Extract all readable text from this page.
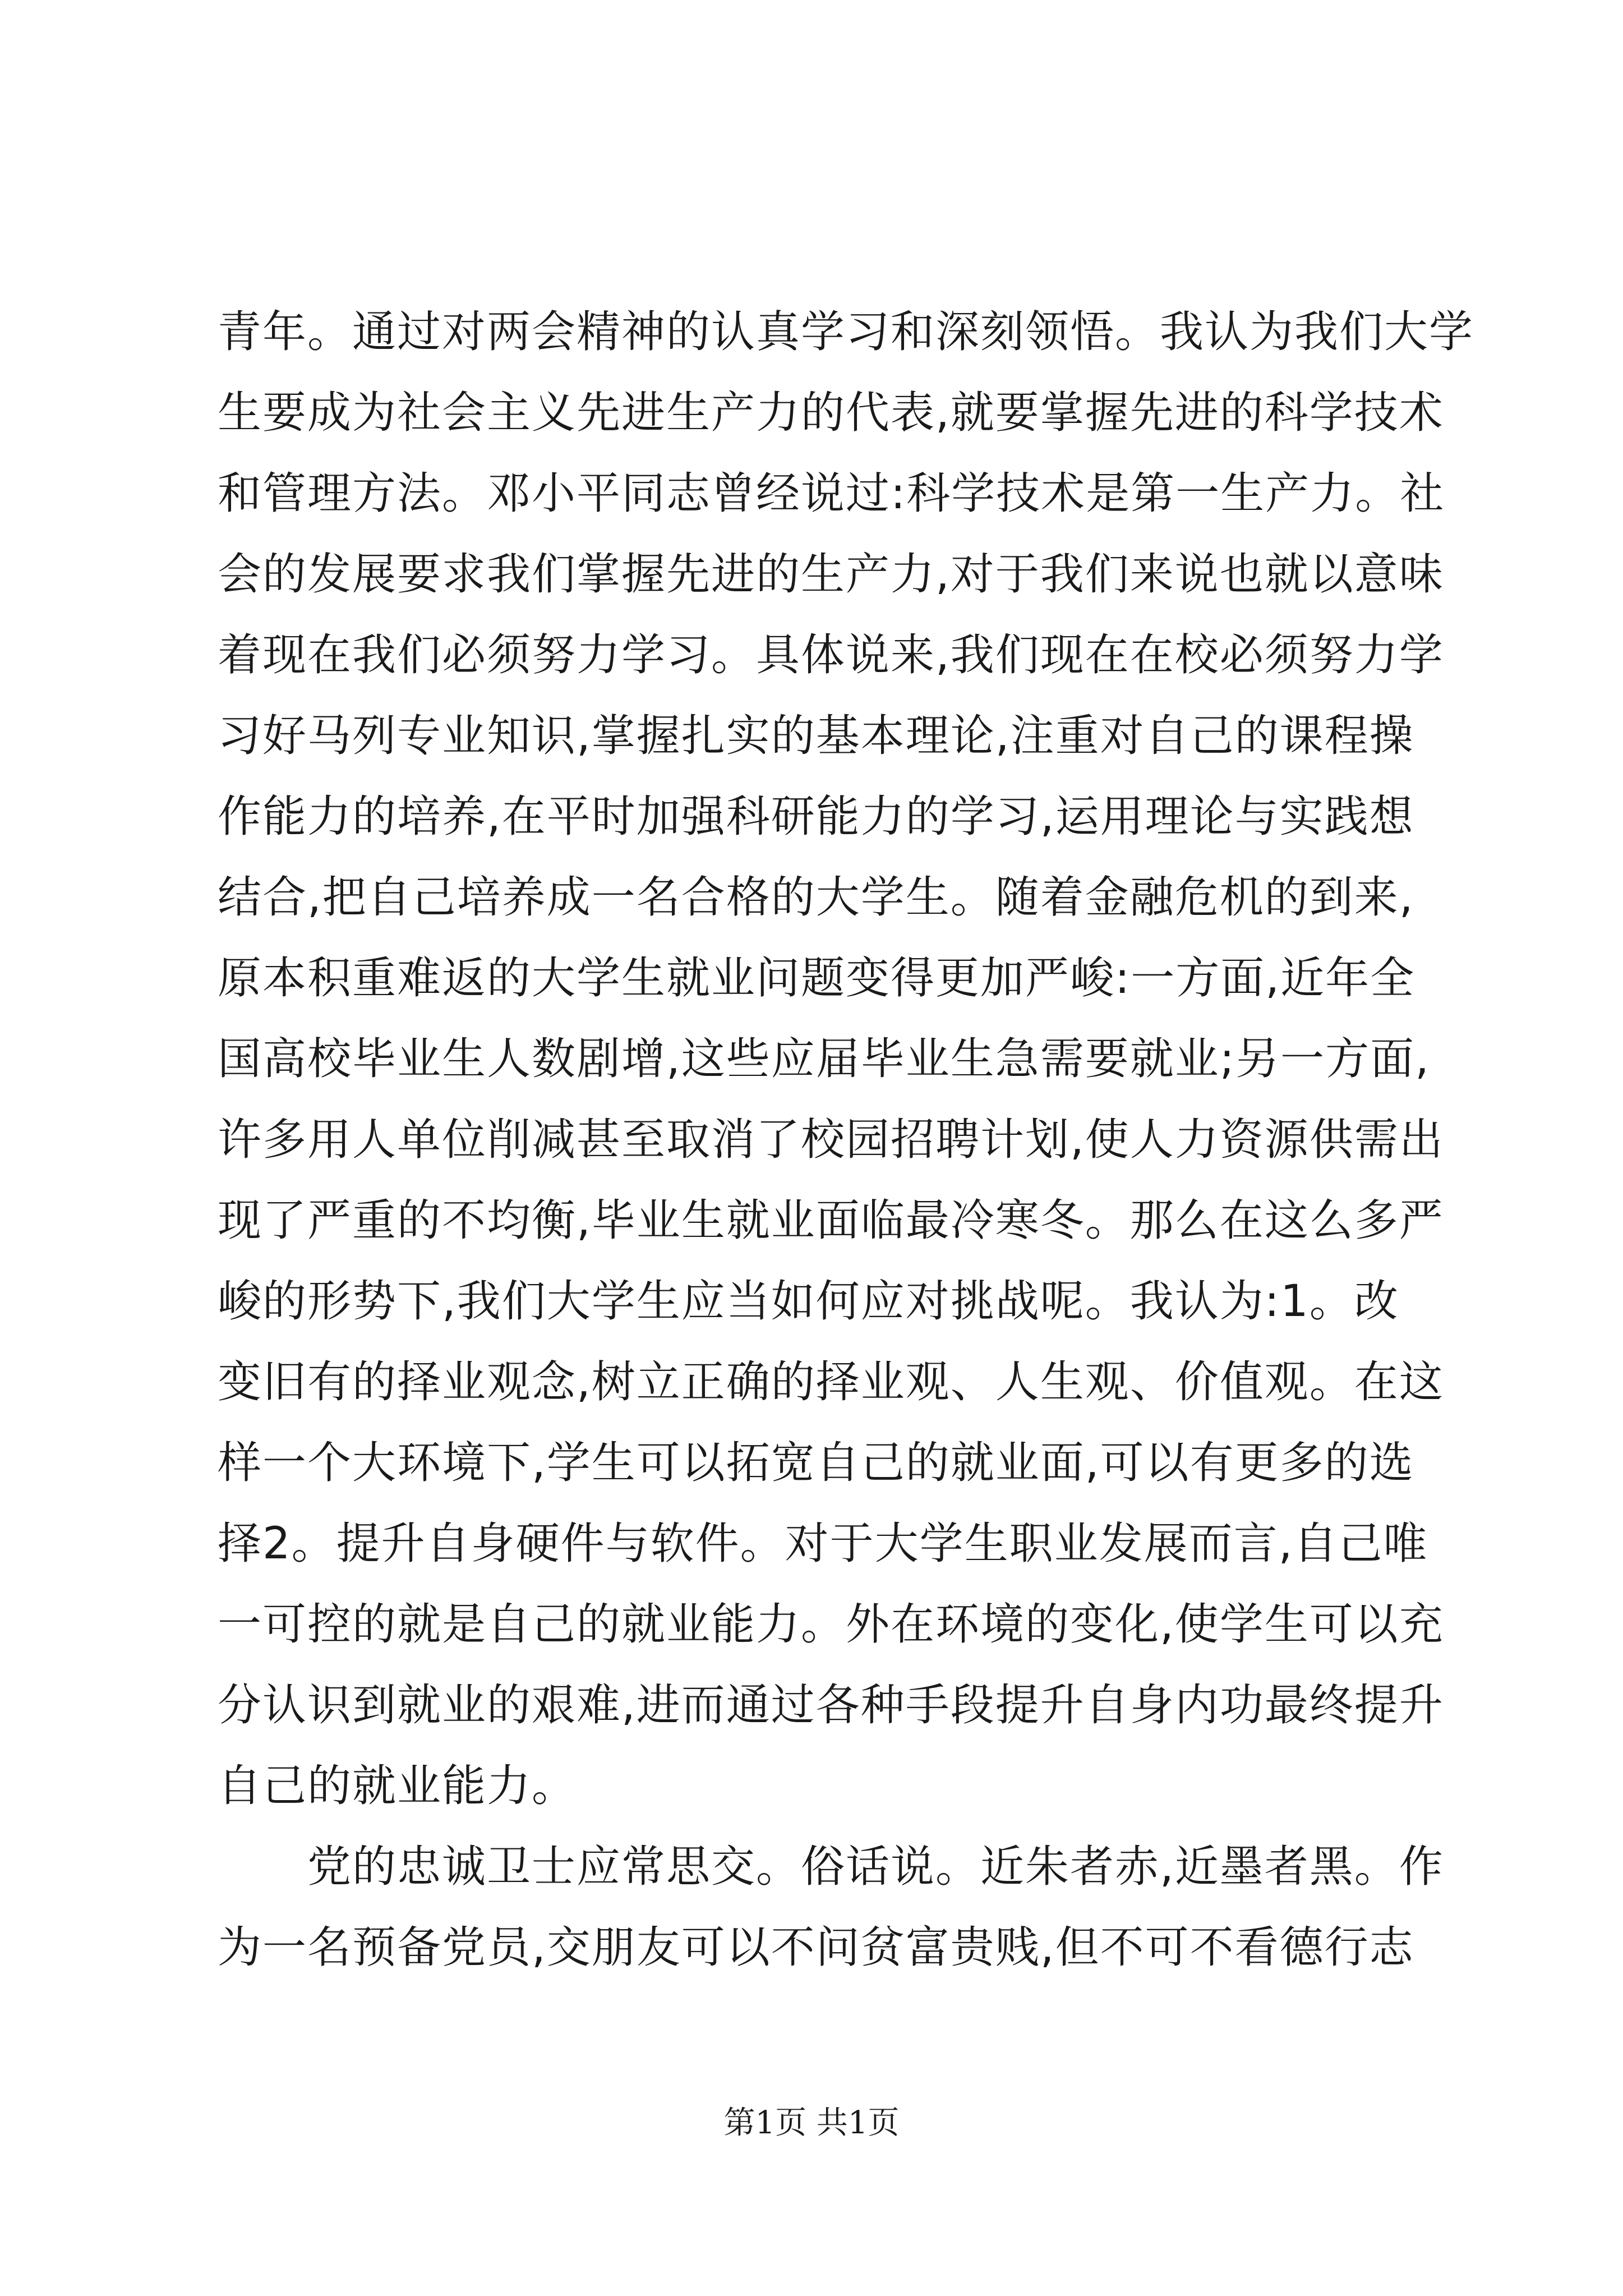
青年。通过对两会精神的认真学习和深刻领悟。我认为我们大学
生要成为社会主义先进生产力的代表,就要掌握先进的科学技术
和管理方法。邓小平同志曾经说过:科学技术是第一生产力。社
会的发展要求我们掌握先进的生产力,对于我们来说也就以意味
着现在我们必须努力学习。具体说来,我们现在在校必须努力学
习好马列专业知识,掌握扎实的基本理论,注重对自己的课程操
作能力的培养,在平时加强科研能力的学习,运用理论与实践想
结合,把自己培养成一名合格的大学生。随着金融危机的到来,
原本积重难返的大学生就业问题变得更加严峻:一方面,近年全
国高校毕业生人数剧增,这些应届毕业生急需要就业;另一方面,
许多用人单位削减甚至取消了校园招聘计划,使人力资源供需出
现了严重的不均衡,毕业生就业面临最冷寒冬。那么在这么多严
峻的形势下,我们大学生应当如何应对挑战呢。我认为:1。改
变旧有的择业观念,树立正确的择业观、人生观、价值观。在这
样一个大环境下,学生可以拓宽自己的就业面,可以有更多的选
择2。提升自身硬件与软件。对于大学生职业发展而言,自己唯
一可控的就是自己的就业能力。外在环境的变化,使学生可以充
分认识到就业的艰难,进而通过各种手段提升自身内功最终提升
自己的就业能力。
　　党的忠诚卫士应常思交。俗话说。近朱者赤,近墨者黑。作
为一名预备党员,交朋友可以不问贫富贵贱,但不可不看德行志
第1页 共1页
